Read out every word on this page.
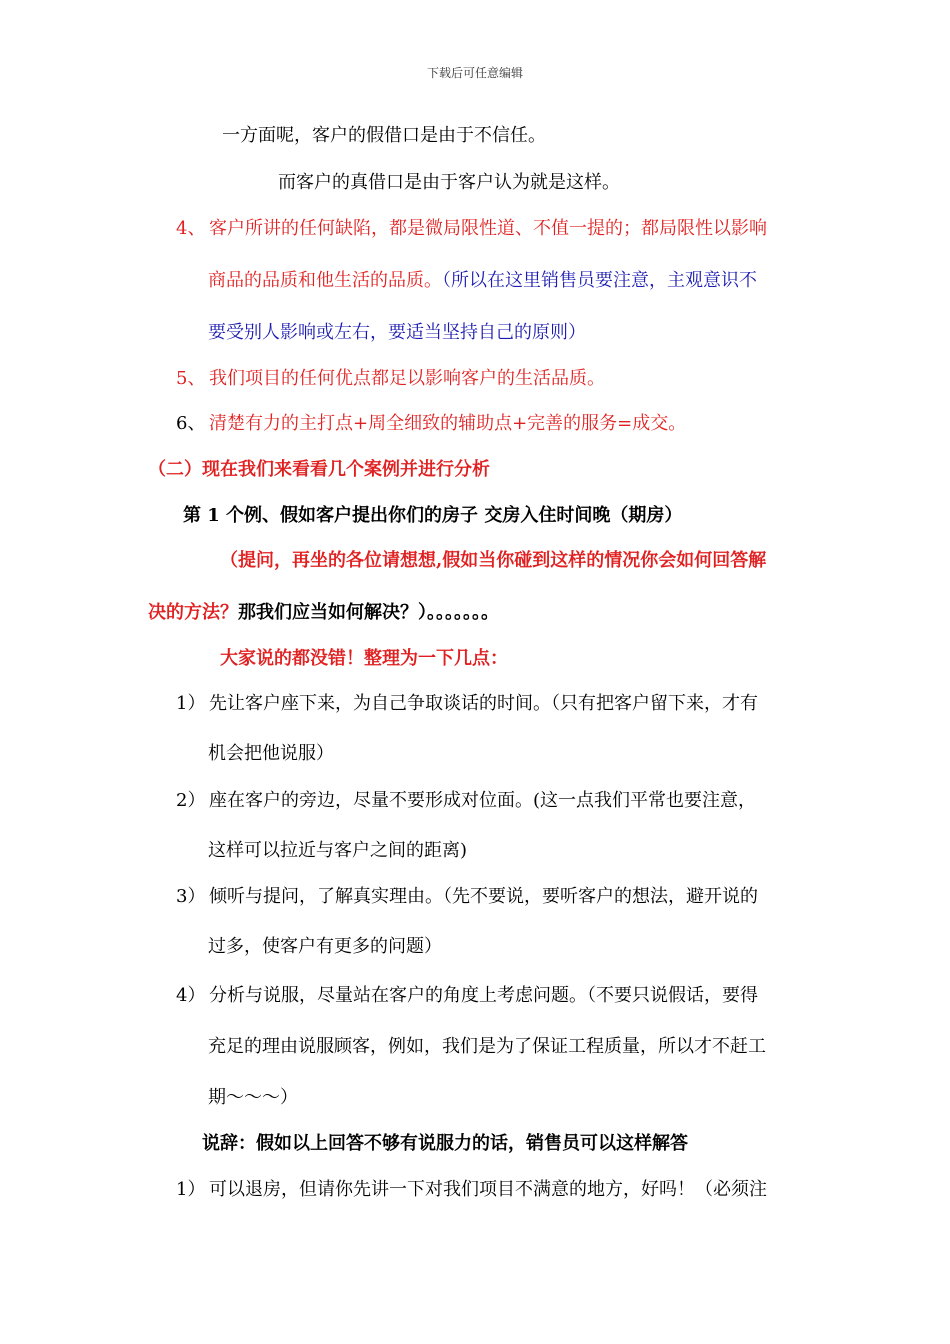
下载后可任意编辑
一方面呢，客户的假借口是由于不信任。
而客户的真借口是由于客户认为就是这样。
4、 客户所讲的任何缺陷，都是微局限性道、不值一提的；都局限性以影响
商品的品质和他生活的品质。（所以在这里销售员要注意，主观意识不
要受别人影响或左右，要适当坚持自己的原则）
5、 我们项目的任何优点都足以影响客户的生活品质。
6、 清楚有力的主打点+周全细致的辅助点+完善的服务=成交。
（二）现在我们来看看几个案例并进行分析
第 1 个例、假如客户提出你们的房子 交房入住时间晚（期房）
（提问，再坐的各位请想想,假如当你碰到这样的情况你会如何回答解
决的方法？那我们应当如何解决？）。。。。。。。
大家说的都没错！整理为一下几点：
1） 先让客户座下来，为自己争取谈话的时间。（只有把客户留下来，才有
机会把他说服）
2） 座在客户的旁边，尽量不要形成对位面。(这一点我们平常也要注意，
这样可以拉近与客户之间的距离)
3） 倾听与提问，了解真实理由。（先不要说，要听客户的想法，避开说的
过多，使客户有更多的问题）
4） 分析与说服，尽量站在客户的角度上考虑问题。（不要只说假话，要得
充足的理由说服顾客，例如，我们是为了保证工程质量，所以才不赶工
期～～～）
说辞：假如以上回答不够有说服力的话，销售员可以这样解答
1） 可以退房，但请你先讲一下对我们项目不满意的地方，好吗！（必须注
